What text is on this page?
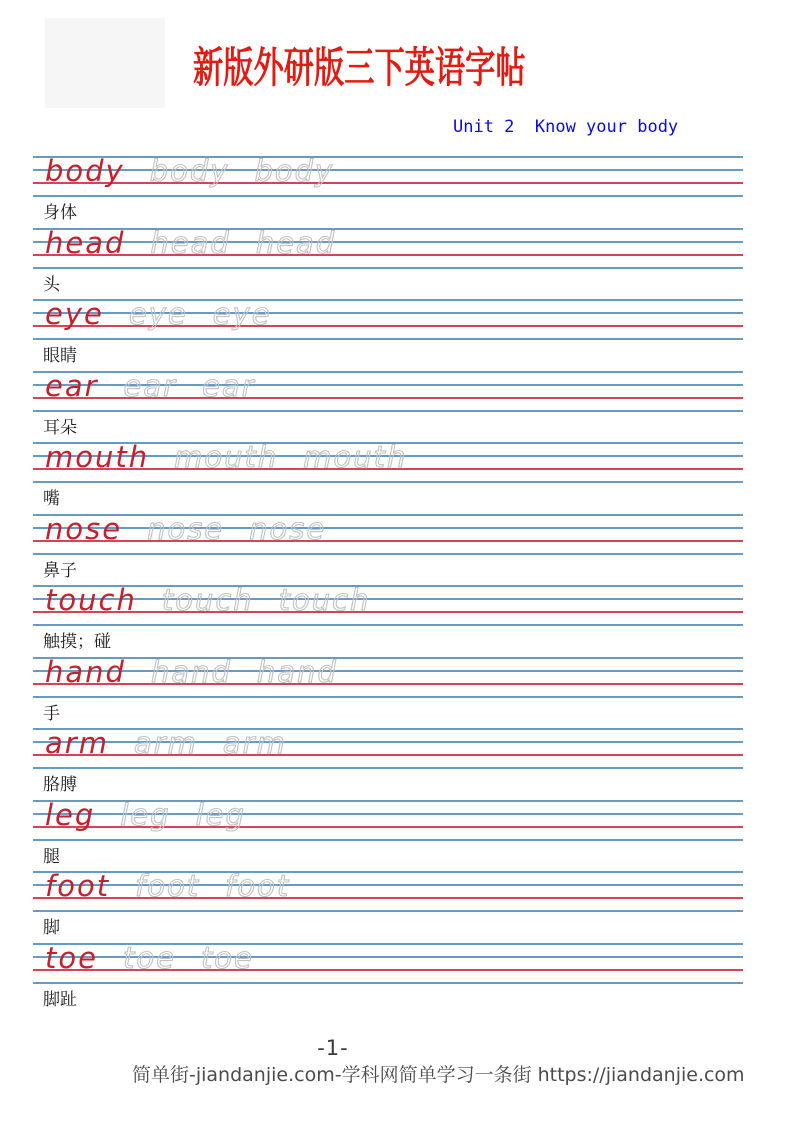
新版外研版三下英语字帖
Unit 2  Know your body
body body body
身体
head head head
头
eye eye eye
眼睛
ear ear ear
耳朵
mouth mouth mouth
嘴
nose nose nose
鼻子
touch touch touch
触摸；碰
hand hand hand
手
arm arm arm
胳膊
leg leg leg
腿
foot foot foot
脚
toe toe toe
脚趾
-1-
简单街-jiandanjie.com-学科网简单学习一条街 https://jiandanjie.com
